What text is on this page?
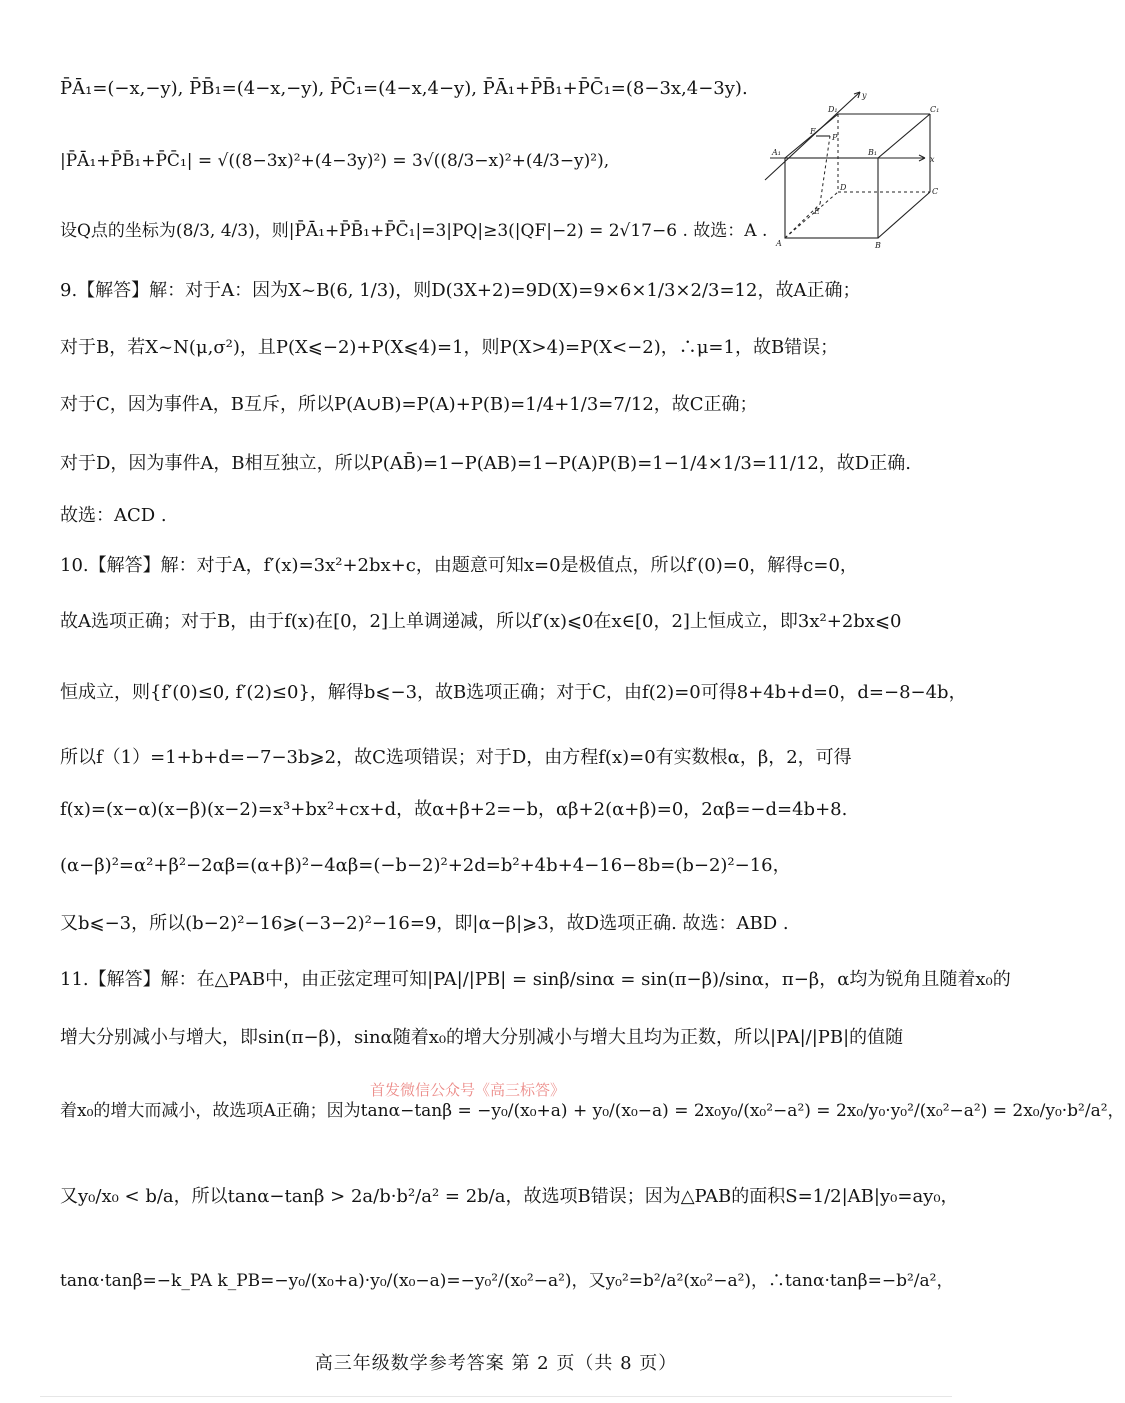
P̄Ā₁=(−x,−y), P̄B̄₁=(4−x,−y), P̄C̄₁=(4−x,4−y), P̄Ā₁+P̄B̄₁+P̄C̄₁=(8−3x,4−3y).
|P̄Ā₁+P̄B̄₁+P̄C̄₁| = √((8−3x)²+(4−3y)²) = 3√((8/3−x)²+(4/3−y)²),
设Q点的坐标为(8/3, 4/3)，则|P̄Ā₁+P̄B̄₁+P̄C̄₁|=3|PQ|≥3(|QF|−2) = 2√17−6 . 故选：A .
9.【解答】解：对于A：因为X~B(6, 1/3)，则D(3X+2)=9D(X)=9×6×1/3×2/3=12，故A正确；
对于B，若X~N(μ,σ²)，且P(X⩽−2)+P(X⩽4)=1，则P(X>4)=P(X<−2)，∴μ=1，故B错误；
对于C，因为事件A，B互斥，所以P(A∪B)=P(A)+P(B)=1/4+1/3=7/12，故C正确；
对于D，因为事件A，B相互独立，所以P(AB̄)=1−P(AB)=1−P(A)P(B)=1−1/4×1/3=11/12，故D正确.
故选：ACD .
10.【解答】解：对于A，f′(x)=3x²+2bx+c，由题意可知x=0是极值点，所以f′(0)=0，解得c=0，
故A选项正确；对于B，由于f(x)在[0，2]上单调递减，所以f′(x)⩽0在x∈[0，2]上恒成立，即3x²+2bx⩽0
恒成立，则{f′(0)≤0, f′(2)≤0}，解得b⩽−3，故B选项正确；对于C，由f(2)=0可得8+4b+d=0，d=−8−4b，
所以f（1）=1+b+d=−7−3b⩾2，故C选项错误；对于D，由方程f(x)=0有实数根α，β，2，可得
f(x)=(x−α)(x−β)(x−2)=x³+bx²+cx+d，故α+β+2=−b，αβ+2(α+β)=0，2αβ=−d=4b+8.
(α−β)²=α²+β²−2αβ=(α+β)²−4αβ=(−b−2)²+2d=b²+4b+4−16−8b=(b−2)²−16，
又b⩽−3，所以(b−2)²−16⩾(−3−2)²−16=9，即|α−β|⩾3，故D选项正确. 故选：ABD .
11.【解答】解：在△PAB中，由正弦定理可知|PA|/|PB| = sinβ/sinα = sin(π−β)/sinα，π−β，α均为锐角且随着x₀的
增大分别减小与增大，即sin(π−β)，sinα随着x₀的增大分别减小与增大且均为正数，所以|PA|/|PB|的值随
着x₀的增大而减小，故选项A正确；因为tanα−tanβ = −y₀/(x₀+a) + y₀/(x₀−a) = 2x₀y₀/(x₀²−a²) = 2x₀/y₀·y₀²/(x₀²−a²) = 2x₀/y₀·b²/a²，
又y₀/x₀ < b/a，所以tanα−tanβ > 2a/b·b²/a² = 2b/a，故选项B错误；因为△PAB的面积S=1/2|AB|y₀=ay₀，
tanα·tanβ=−k_PA k_PB=−y₀/(x₀+a)·y₀/(x₀−a)=−y₀²/(x₀²−a²)，又y₀²=b²/a²(x₀²−a²)，∴tanα·tanβ=−b²/a²，
首发微信公众号《高三标答》
D₁	C₁
A₁	B₁
F
P
D
E
A	B
C
x
y
高三年级数学参考答案 第 2 页（共 8 页）
